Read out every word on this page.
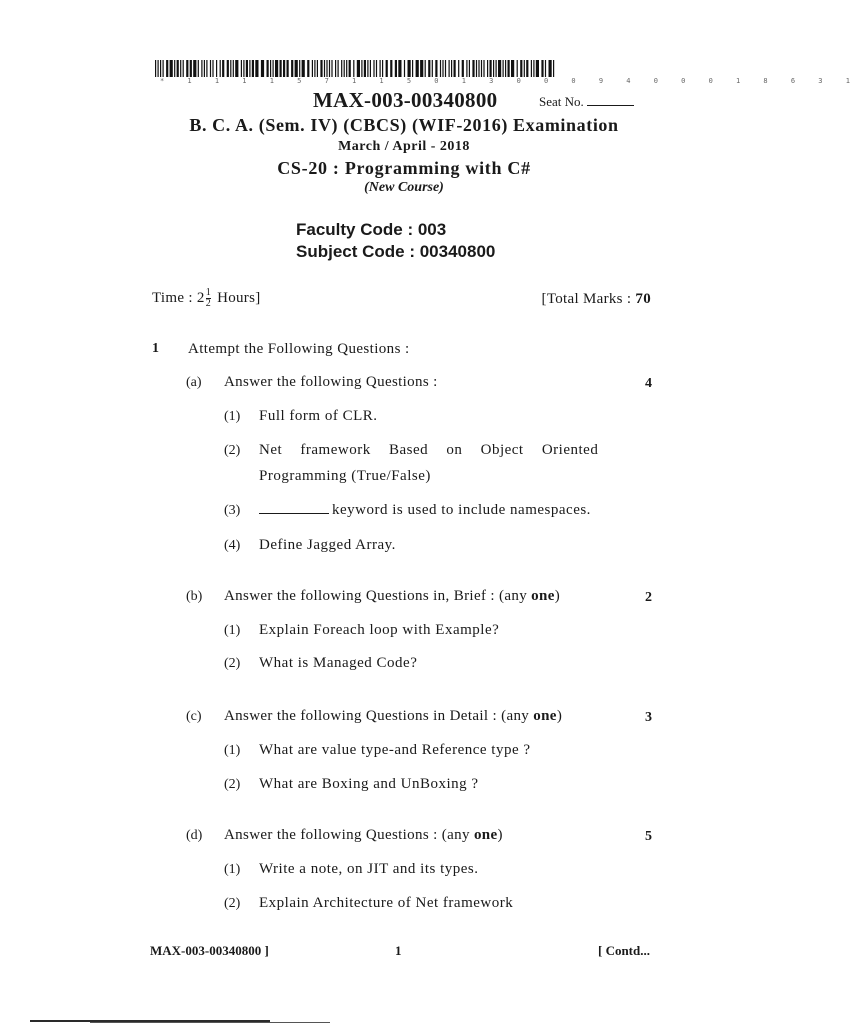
* 1 1 1 1 5 7 1 1 5 0 1 3 0 0 0 9 4 0 0 0 1 8 6 3 1
MAX-003-00340800	Seat No.
B. C. A. (Sem. IV) (CBCS) (WIF-2016) Examination
March / April - 2018
CS-20 : Programming with C#
(New Course)
Faculty Code : 003
Subject Code : 00340800
Time : $2 \frac{1}{2}$ Hours]	[Total Marks : 70
1 Attempt the Following Questions :
(a) Answer the following Questions :	4
(1) Full form of CLR.
(2) Net framework Based on Object Oriented
Programming (True/False)
(3)	keyword is used to include namespaces.
(4) Define Jagged Array.
(b) Answer the following Questions in, Brief : (any one)	2
(1) Explain Foreach loop with Example?
(2) What is Managed Code?
(c) Answer the following Questions in Detail : (any one)	3
(1) What are value type-and Reference type ?
(2) What are Boxing and UnBoxing ?
(d) Answer the following Questions : (any one)	5
(1) Write a note, on JIT and its types.
(2) Explain Architecture of Net framework
MAX-003-00340800 ]	1	[ Contd...
